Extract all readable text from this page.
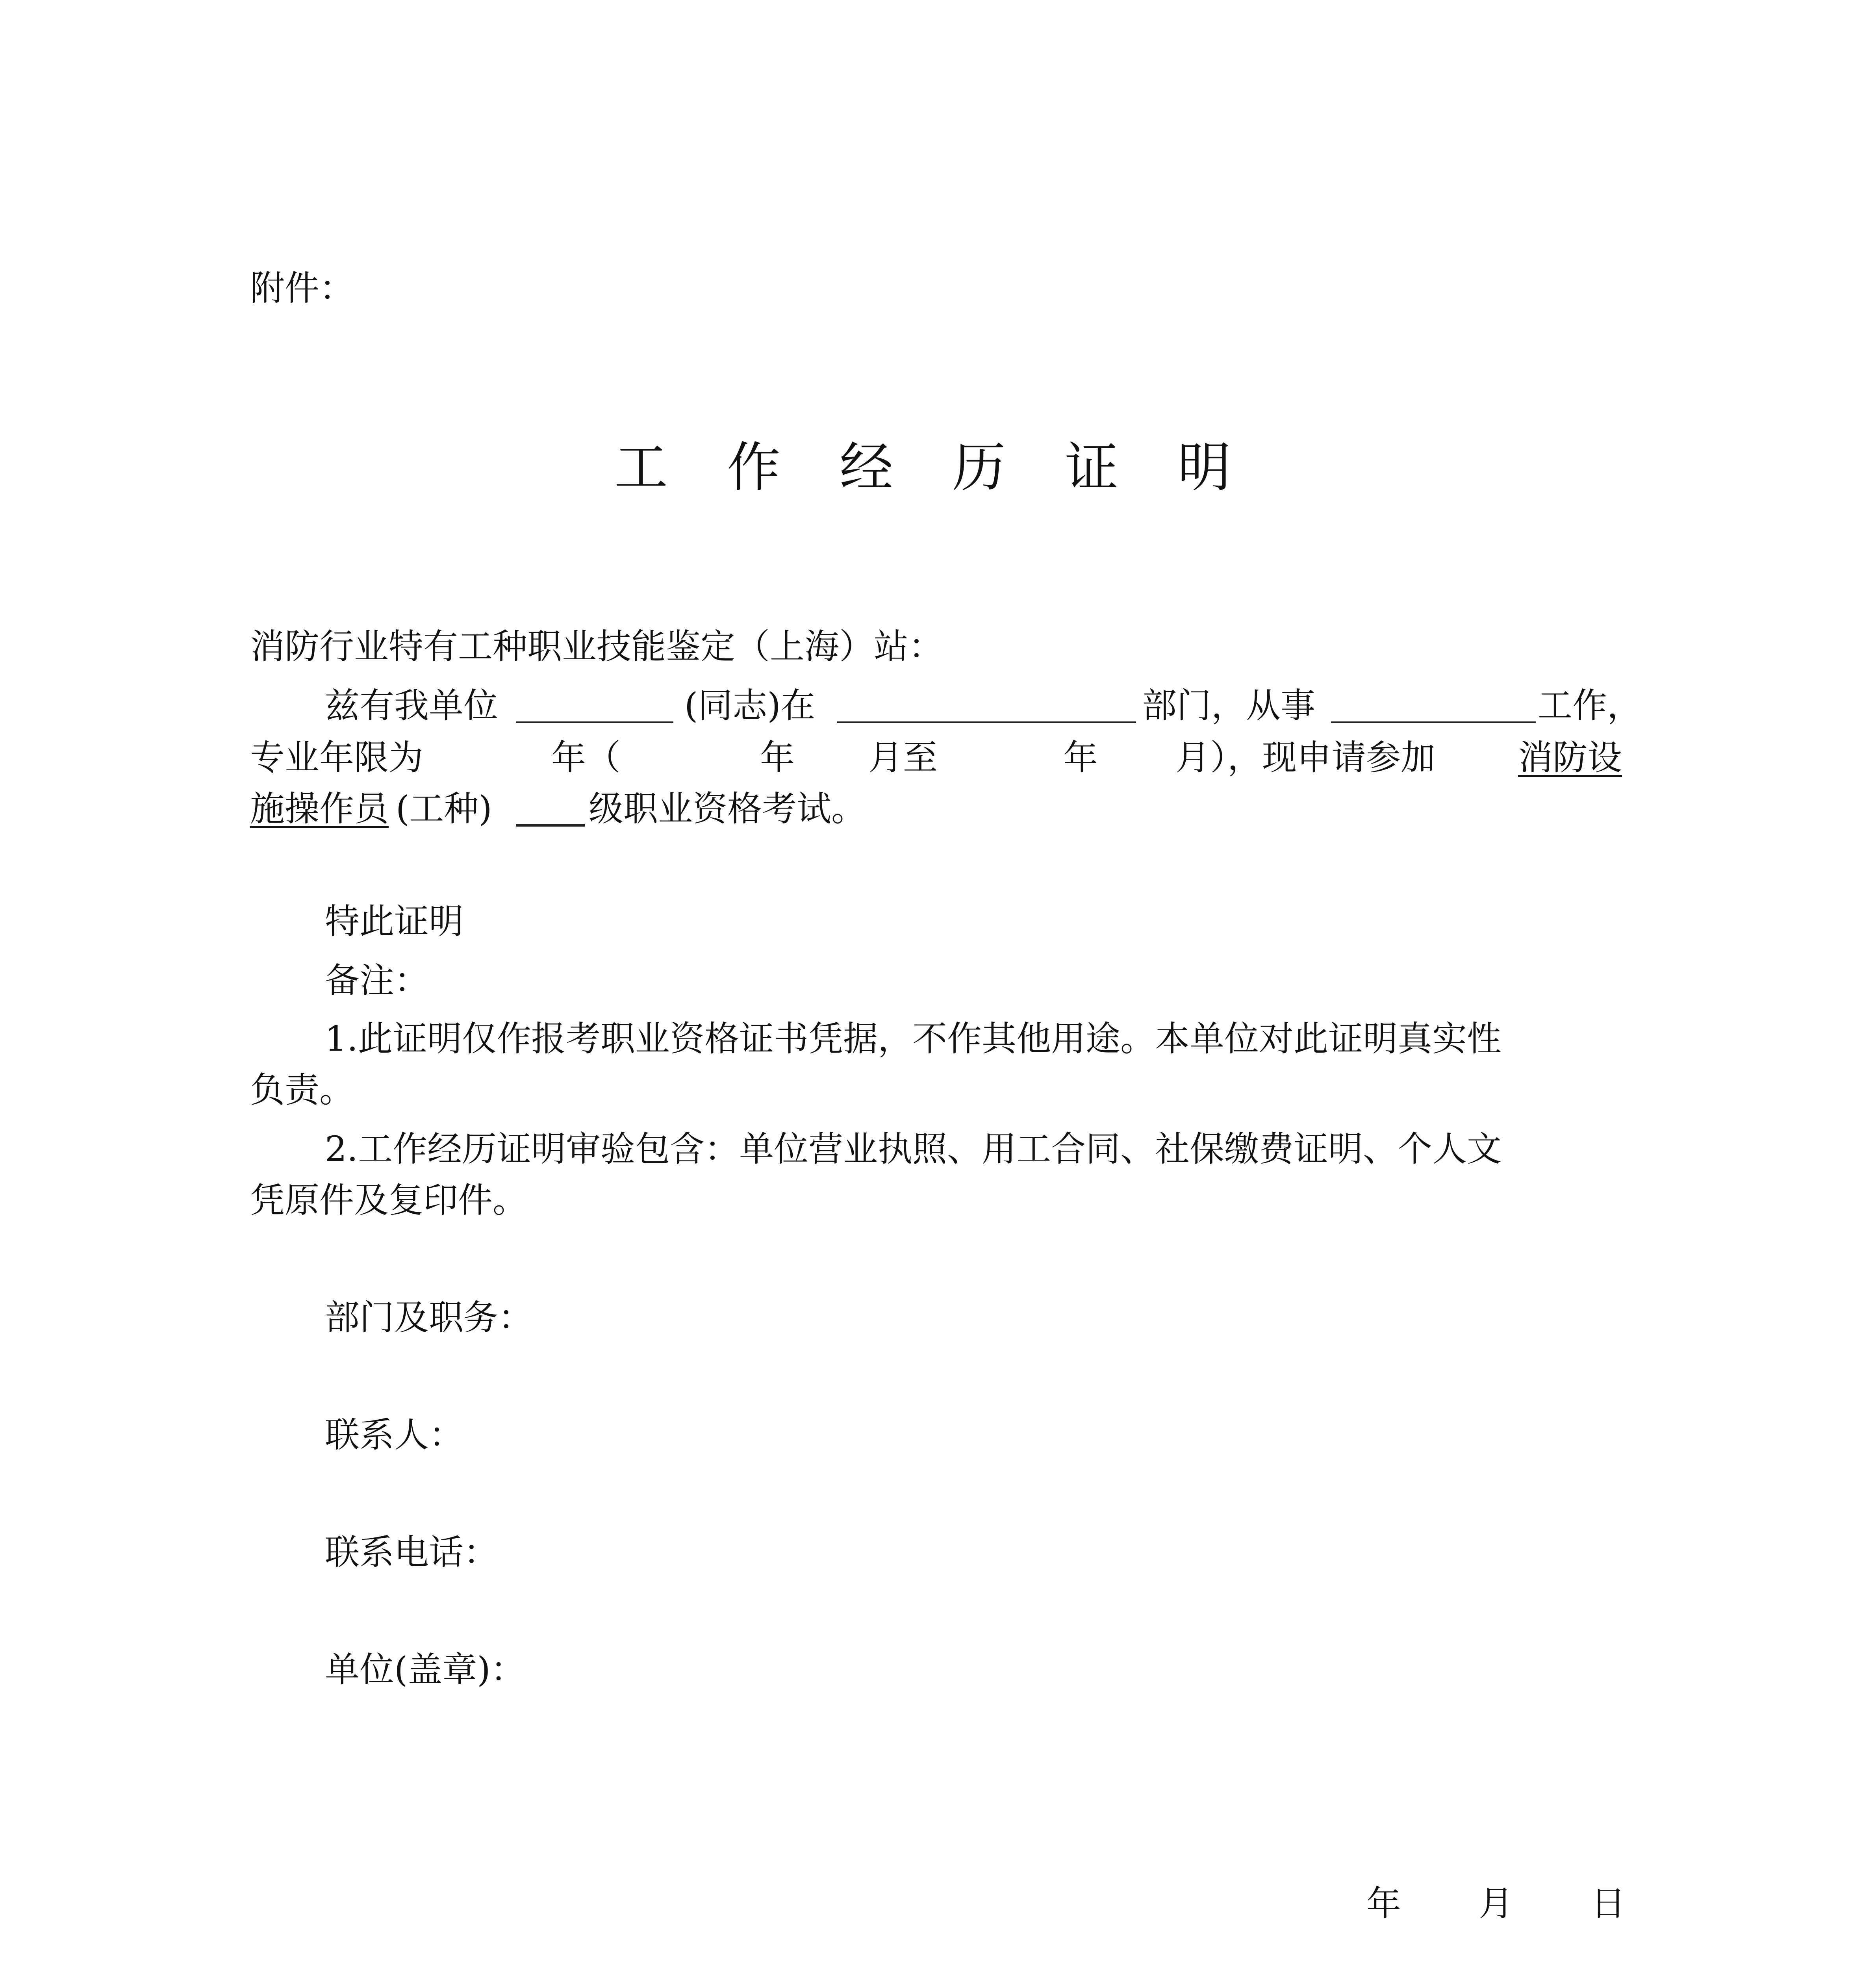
附件：
工作经历证明
消防行业特有工种职业技能鉴定（上海）站：
兹有我单位	(同志)在	部门，从事	工作，
专业年限为	年（	年 月至	年 月），现申请参加 消防设
施操作员 (工种)	级职业资格考试。
特此证明
备注：
1.此证明仅作报考职业资格证书凭据，不作其他用途。本单位对此证明真实性
负责。
2.工作经历证明审验包含：单位营业执照、用工合同、社保缴费证明、个人文
凭原件及复印件。
部门及职务：
联系人：
联系电话：
单位(盖章)：
年 月 日
